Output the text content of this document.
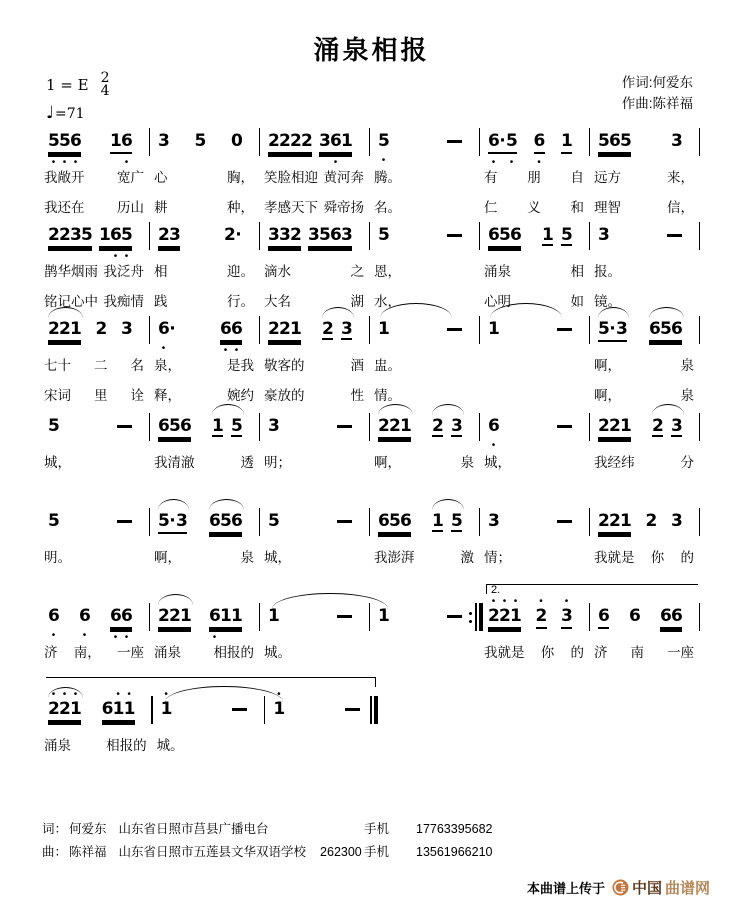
涌泉相报
1 = E 2
4
♩=71
作词:何爱东
作曲:陈祥福
5 5 6
• • •
1 6
•
我敞开 宽广
我还在 历山
3 5 0
心	胸，
耕	种，
2 2 2 2 3 6 1
•
笑脸相迎 黄河奔
孝感天下 舜帝扬
5
•
腾。
名。
6 · 5
•	•
6
•
1
有 朋 自
仁 义 和
5 6 5 3
远方	来，
理智	信，
2 2 3 5 1 6 5
• •
鹊华烟雨 我泛舟
铭记心中 我痴情
2 3	2 ·
相	迎。
践	行。
3 3 2 3 5 6 3
滴水	之
大名	湖
5
恩，
水，
6 5 6 1 5
涌泉	相
心明	如
3
报。
镜。
2 2 1 2 3
七十 二 名
宋词 里 诠
6 ·
•
6 6
• •
泉，	是我
释，	婉约
2 2 1 2 3
敬客的	酒
豪放的	性
1
盅。
情。
1	5 · 3 6 5 6
啊，	泉
啊，	泉
5
城，
6 5 6 1 5
我清澈	透
3
明；
2 2 1 2 3
啊，	泉
6
•
城，
2 2 1 2 3
我经纬	分
5
明。
5 · 3 6 5 6
啊，	泉
5
城，
6 5 6 1 5
我澎湃	激
3
情；
2 2 1 2 3
我就是 你 的
6
•
6
•
6 6
• •
济 南， 一座
2 2 1 6 1 1
•
涌泉 相报的
1
城。
1	2 2 1
• • •
2
•
3
•
我就是 你 的
6 6 6 6
济 南 一座
2.
2 2 1
• • •
6 1 1
• •
涌泉	相报的
1
•
城。
1
•
词： 何爱东 山东省日照市莒县广播电台	手机	17763395682
曲： 陈祥福 山东省日照市五莲县文华双语学校 262300 手机	13561966210
本曲谱上传于 中国 曲谱网
